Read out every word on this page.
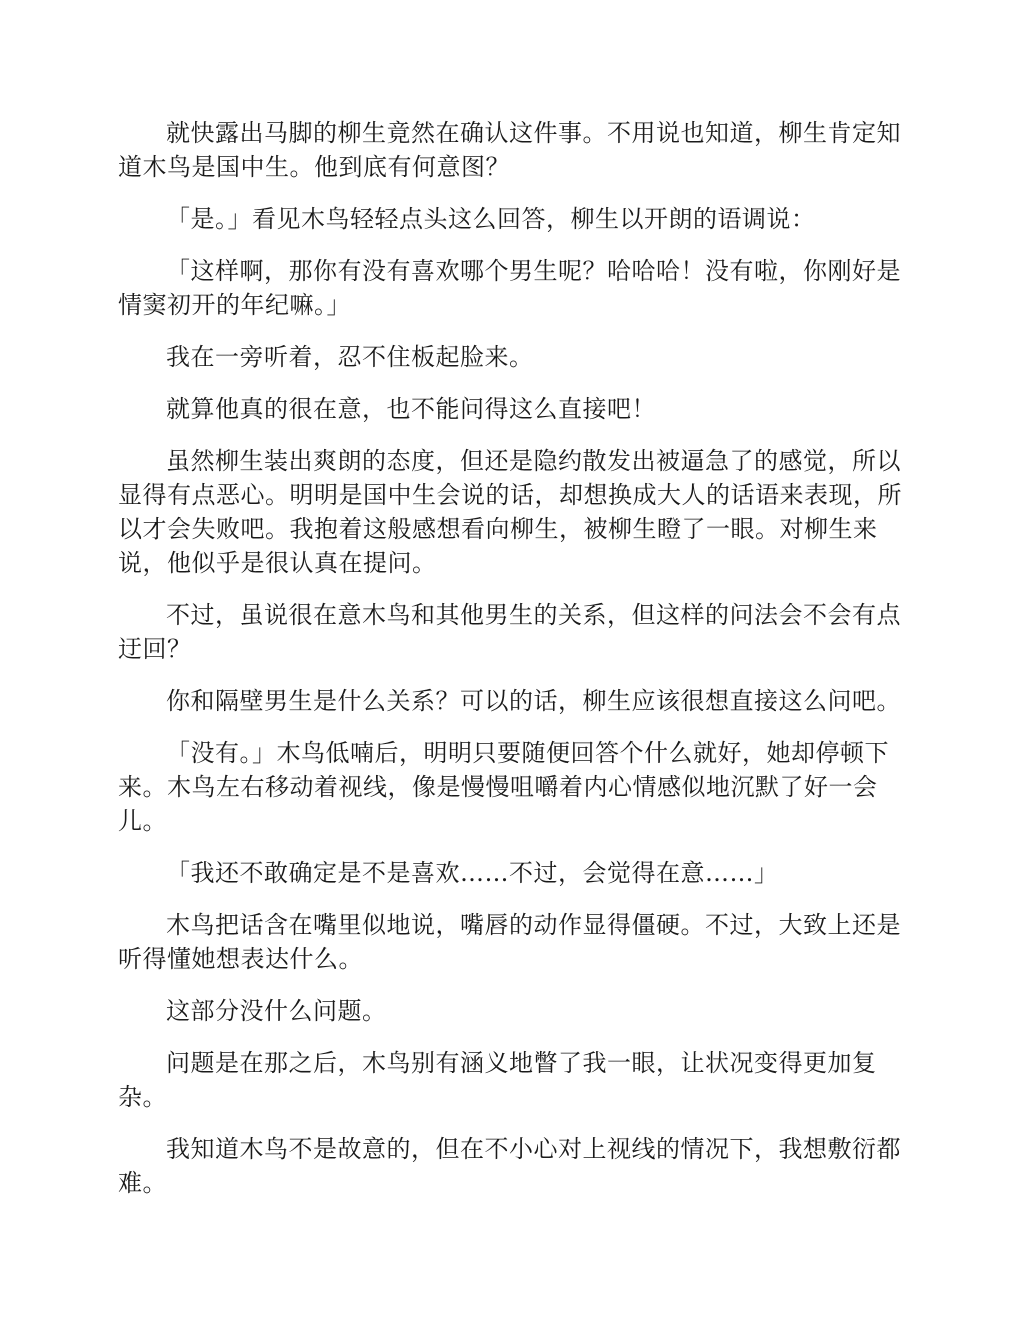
就快露出马脚的柳生竟然在确认这件事。不用说也知道，柳生肯定知道木鸟是国中生。他到底有何意图？

「是。」看见木鸟轻轻点头这么回答，柳生以开朗的语调说：

「这样啊，那你有没有喜欢哪个男生呢？哈哈哈！没有啦，你刚好是情窦初开的年纪嘛。」

我在一旁听着，忍不住板起脸来。

就算他真的很在意，也不能问得这么直接吧！

虽然柳生装出爽朗的态度，但还是隐约散发出被逼急了的感觉，所以显得有点恶心。明明是国中生会说的话，却想换成大人的话语来表现，所以才会失败吧。我抱着这般感想看向柳生，被柳生瞪了一眼。对柳生来说，他似乎是很认真在提问。

不过，虽说很在意木鸟和其他男生的关系，但这样的问法会不会有点迂回？

你和隔壁男生是什么关系？可以的话，柳生应该很想直接这么问吧。

「没有。」木鸟低喃后，明明只要随便回答个什么就好，她却停顿下来。木鸟左右移动着视线，像是慢慢咀嚼着内心情感似地沉默了好一会儿。

「我还不敢确定是不是喜欢……不过，会觉得在意……」

木鸟把话含在嘴里似地说，嘴唇的动作显得僵硬。不过，大致上还是听得懂她想表达什么。

这部分没什么问题。

问题是在那之后，木鸟别有涵义地瞥了我一眼，让状况变得更加复杂。

我知道木鸟不是故意的，但在不小心对上视线的情况下，我想敷衍都难。
